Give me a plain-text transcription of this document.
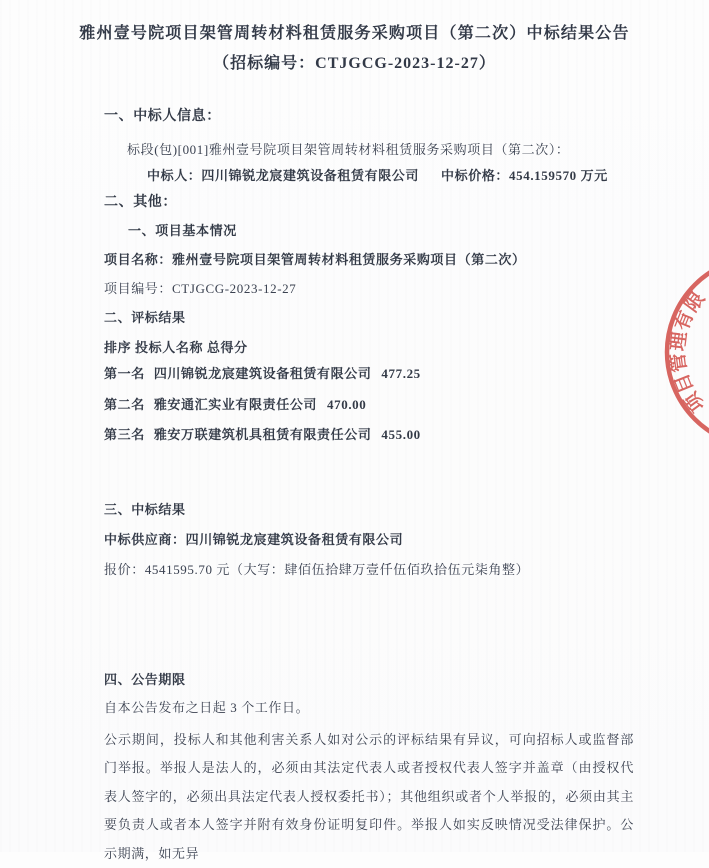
雅州壹号院项目架管周转材料租赁服务采购项目（第二次）中标结果公告
（招标编号：CTJGCG-2023-12-27）
一、中标人信息：
标段(包)[001]雅州壹号院项目架管周转材料租赁服务采购项目（第二次）：
中标人：四川锦锐龙宸建筑设备租赁有限公司 中标价格：454.159570 万元
二、其他：
一、项目基本情况
项目名称：雅州壹号院项目架管周转材料租赁服务采购项目（第二次）
项目编号：CTJGCG-2023-12-27
二、评标结果
排序 投标人名称 总得分
第一名 四川锦锐龙宸建筑设备租赁有限公司 477.25
第二名 雅安通汇实业有限责任公司 470.00
第三名 雅安万联建筑机具租赁有限责任公司 455.00
三、中标结果
中标供应商：四川锦锐龙宸建筑设备租赁有限公司
报价：4541595.70 元（大写：肆佰伍拾肆万壹仟伍佰玖拾伍元柒角整）
四、公告期限
自本公告发布之日起 3 个工作日。
公示期间，投标人和其他利害关系人如对公示的评标结果有异议，可向招标人或监督部门举报。举报人是法人的，必须由其法定代表人或者授权代表人签字并盖章（由授权代表人签字的，必须出具法定代表人授权委托书）；其他组织或者个人举报的，必须由其主要负责人或者本人签字并附有效身份证明复印件。举报人如实反映情况受法律保护。公示期满，如无异
项目管理有限
